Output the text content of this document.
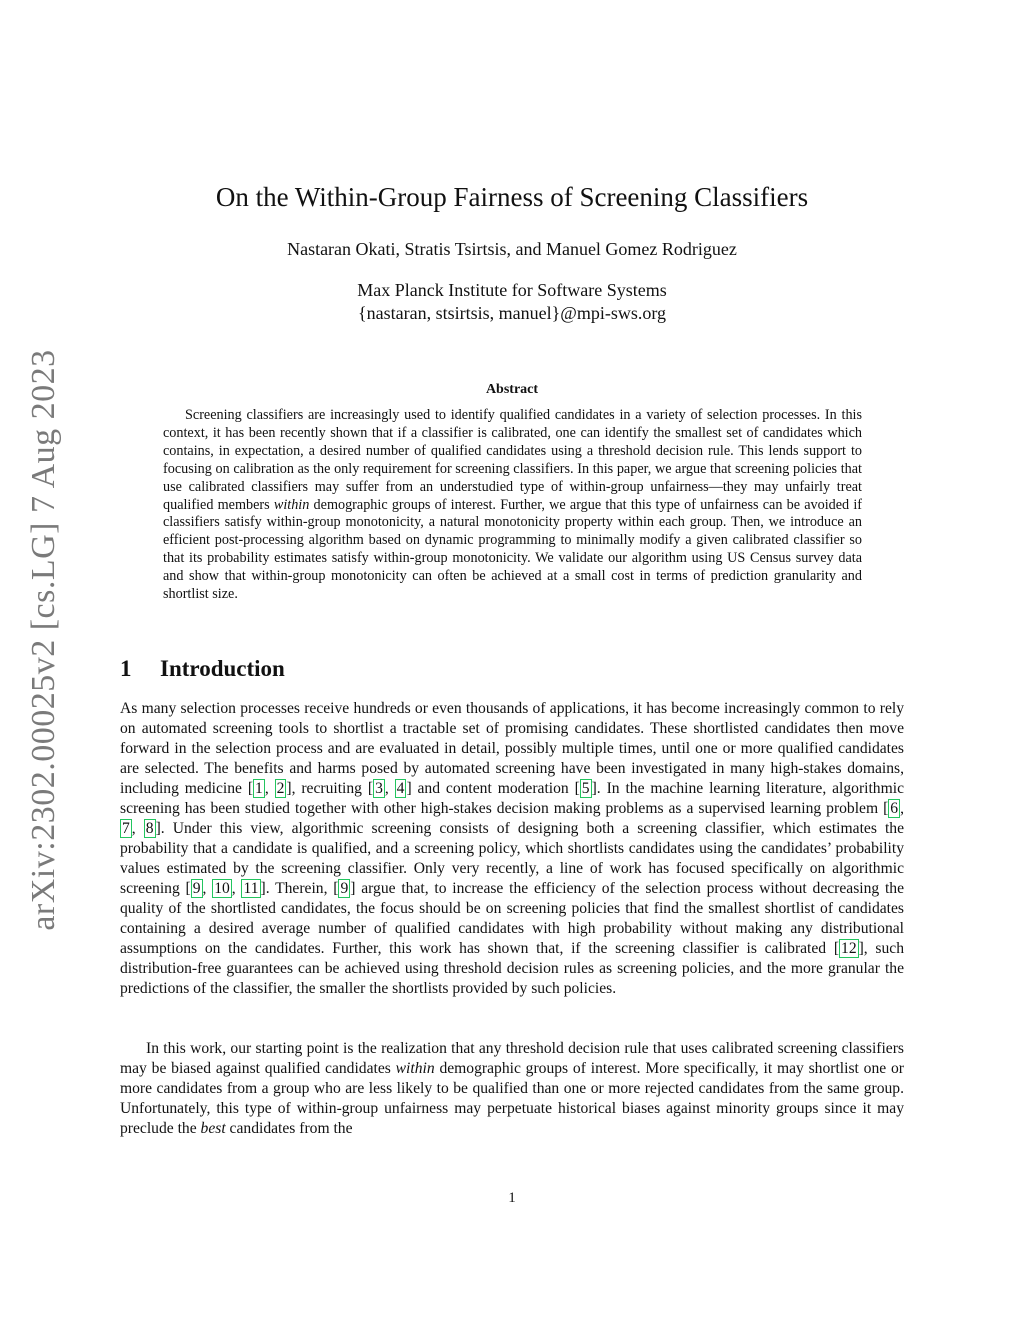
arXiv:2302.00025v2 [cs.LG] 7 Aug 2023
On the Within-Group Fairness of Screening Classifiers
Nastaran Okati, Stratis Tsirtsis, and Manuel Gomez Rodriguez
Max Planck Institute for Software Systems
{nastaran, stsirtsis, manuel}@mpi-sws.org
Abstract

Screening classifiers are increasingly used to identify qualified candidates in a variety of selection processes. In this context, it has been recently shown that if a classifier is calibrated, one can identify the smallest set of candidates which contains, in expectation, a desired number of qualified candidates using a threshold decision rule. This lends support to focusing on calibration as the only requirement for screening classifiers. In this paper, we argue that screening policies that use calibrated classifiers may suffer from an understudied type of within-group unfairness—they may unfairly treat qualified members within demographic groups of interest. Further, we argue that this type of unfairness can be avoided if classifiers satisfy within-group monotonicity, a natural monotonicity property within each group. Then, we introduce an efficient post-processing algorithm based on dynamic programming to minimally modify a given calibrated classifier so that its probability estimates satisfy within-group monotonicity. We validate our algorithm using US Census survey data and show that within-group monotonicity can often be achieved at a small cost in terms of prediction granularity and shortlist size.

1 Introduction

As many selection processes receive hundreds or even thousands of applications, it has become increasingly common to rely on automated screening tools to shortlist a tractable set of promising candidates. These shortlisted candidates then move forward in the selection process and are evaluated in detail, possibly multiple times, until one or more qualified candidates are selected. The benefits and harms posed by automated screening have been investigated in many high-stakes domains, including medicine [ 1 , 2 ], recruiting [ 3 , 4 ] and content moderation [ 5 ]. In the machine learning literature, algorithmic screening has been studied together with other high-stakes decision making problems as a supervised learning problem [ 6 , 7 , 8 ]. Under this view, algorithmic screening consists of designing both a screening classifier, which estimates the probability that a candidate is qualified, and a screening policy, which shortlists candidates using the candidates’ probability values estimated by the screening classifier. Only very recently, a line of work has focused specifically on algorithmic screening [ 9 , 10 , 11 ]. Therein, [ 9 ] argue that, to increase the efficiency of the selection process without decreasing the quality of the shortlisted candidates, the focus should be on screening policies that find the smallest shortlist of candidates containing a desired average number of qualified candidates with high probability without making any distributional assumptions on the candidates. Further, this work has shown that, if the screening classifier is calibrated [ 12 ], such distribution-free guarantees can be achieved using threshold decision rules as screening policies, and the more granular the predictions of the classifier, the smaller the shortlists provided by such policies.

In this work, our starting point is the realization that any threshold decision rule that uses calibrated screening classifiers may be biased against qualified candidates within demographic groups of interest. More specifically, it may shortlist one or more candidates from a group who are less likely to be qualified than one or more rejected candidates from the same group. Unfortunately, this type of within-group unfairness may perpetuate historical biases against minority groups since it may preclude the best candidates from the

1
